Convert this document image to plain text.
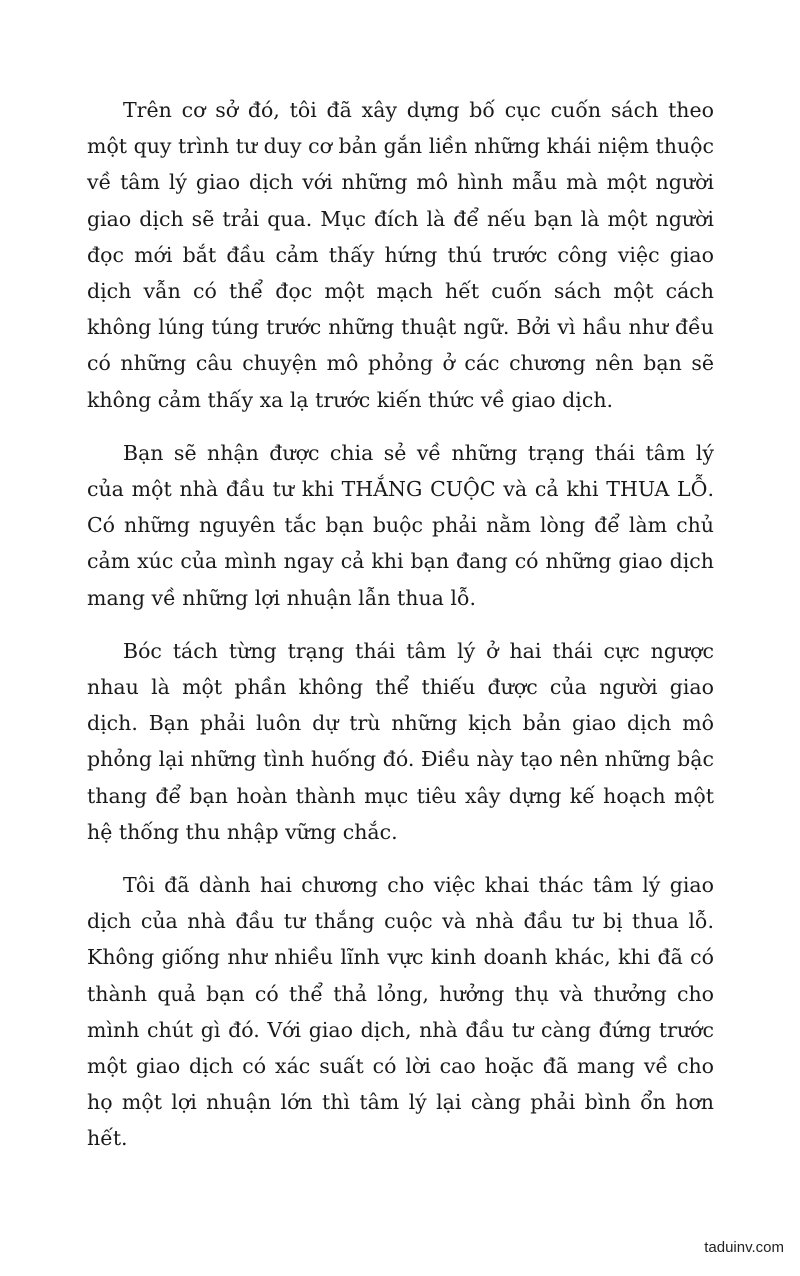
Trên cơ sở đó, tôi đã xây dựng bố cục cuốn sách theo một quy trình tư duy cơ bản gắn liền những khái niệm thuộc về tâm lý giao dịch với những mô hình mẫu mà một người giao dịch sẽ trải qua. Mục đích là để nếu bạn là một người đọc mới bắt đầu cảm thấy hứng thú trước công việc giao dịch vẫn có thể đọc một mạch hết cuốn sách một cách không lúng túng trước những thuật ngữ. Bởi vì hầu như đều có những câu chuyện mô phỏng ở các chương nên bạn sẽ không cảm thấy xa lạ trước kiến thức về giao dịch.

Bạn sẽ nhận được chia sẻ về những trạng thái tâm lý của một nhà đầu tư khi THẮNG CUỘC và cả khi THUA LỖ. Có những nguyên tắc bạn buộc phải nằm lòng để làm chủ cảm xúc của mình ngay cả khi bạn đang có những giao dịch mang về những lợi nhuận lẫn thua lỗ.

Bóc tách từng trạng thái tâm lý ở hai thái cực ngược nhau là một phần không thể thiếu được của người giao dịch. Bạn phải luôn dự trù những kịch bản giao dịch mô phỏng lại những tình huống đó. Điều này tạo nên những bậc thang để bạn hoàn thành mục tiêu xây dựng kế hoạch một hệ thống thu nhập vững chắc.

Tôi đã dành hai chương cho việc khai thác tâm lý giao dịch của nhà đầu tư thắng cuộc và nhà đầu tư bị thua lỗ. Không giống như nhiều lĩnh vực kinh doanh khác, khi đã có thành quả bạn có thể thả lỏng, hưởng thụ và thưởng cho mình chút gì đó. Với giao dịch, nhà đầu tư càng đứng trước một giao dịch có xác suất có lời cao hoặc đã mang về cho họ một lợi nhuận lớn thì tâm lý lại càng phải bình ổn hơn hết.

taduinv.com
